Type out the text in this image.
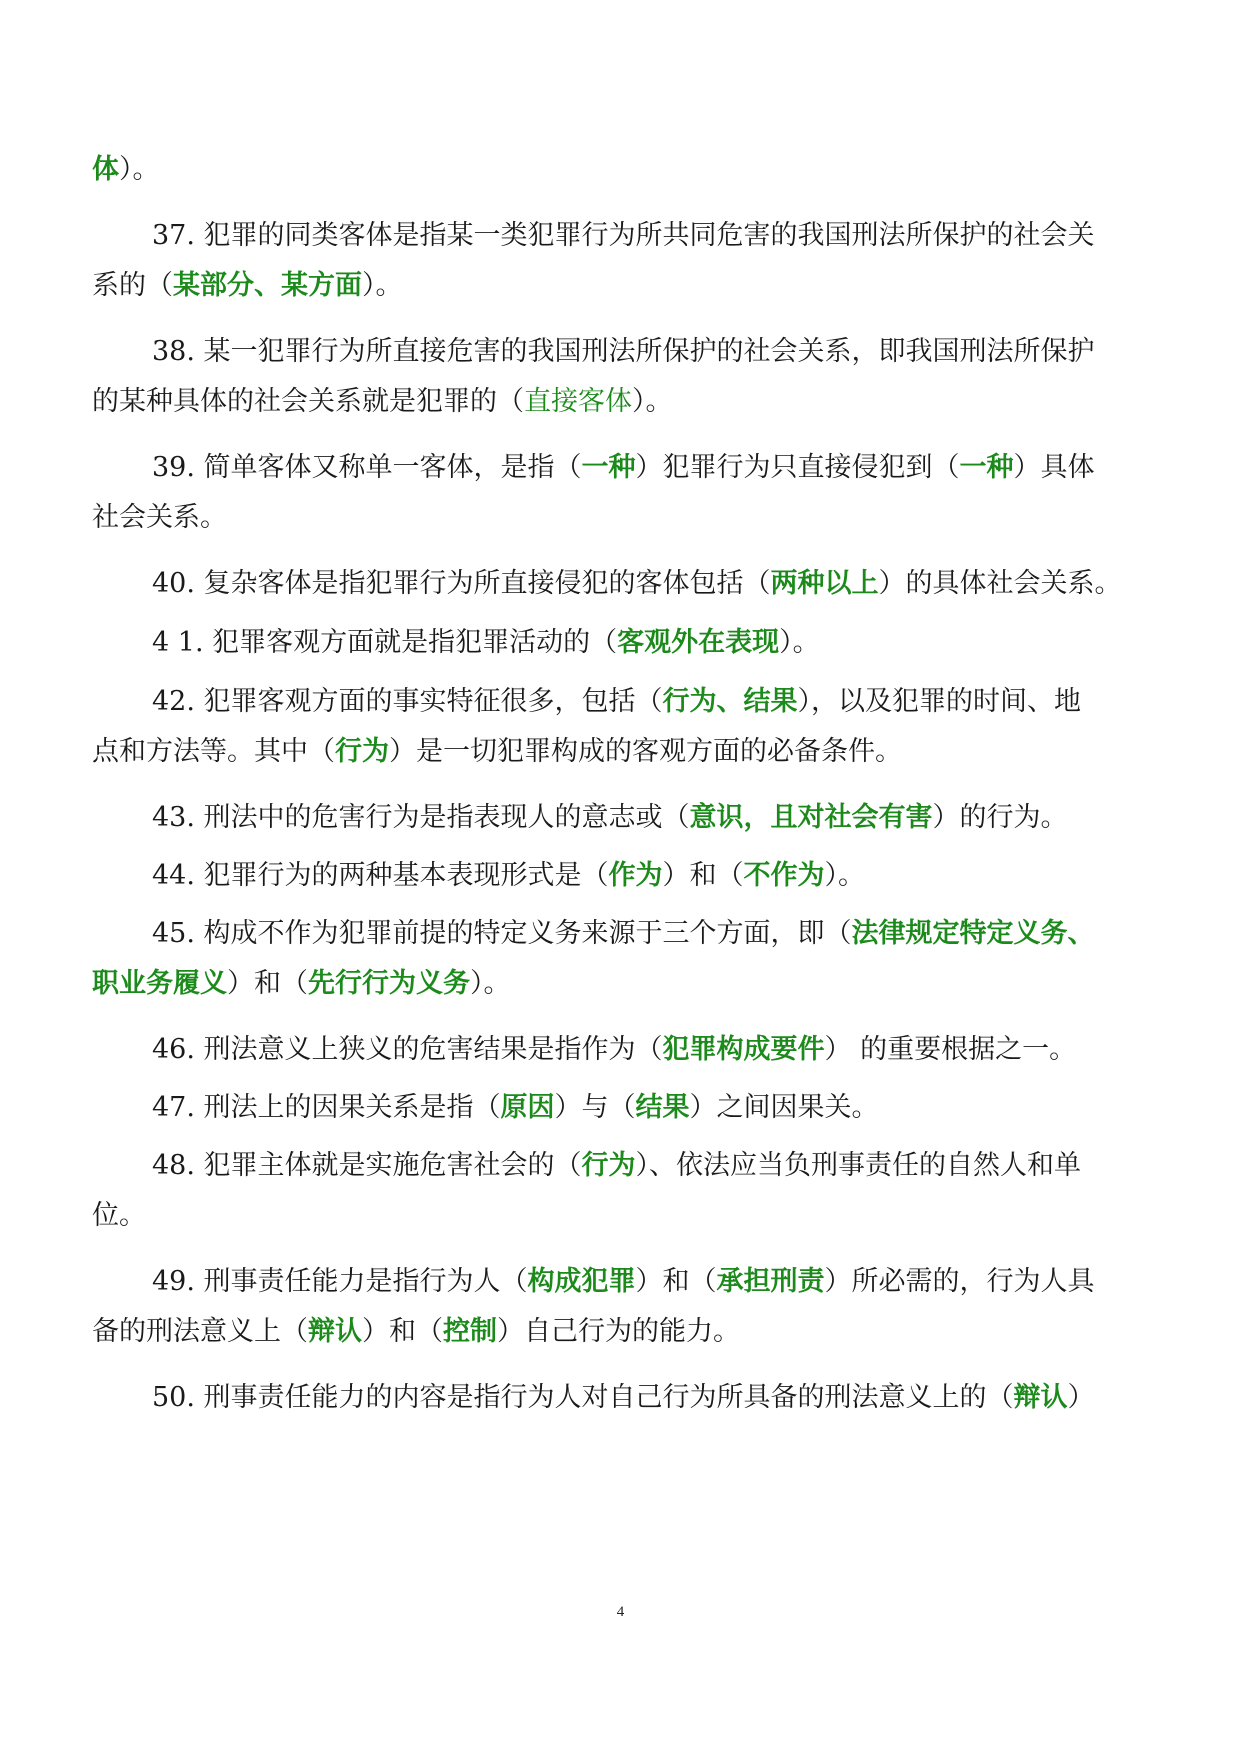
体）。
37. 犯罪的同类客体是指某一类犯罪行为所共同危害的我国刑法所保护的社会关
系的（某部分、某方面）。
38. 某一犯罪行为所直接危害的我国刑法所保护的社会关系，即我国刑法所保护
的某种具体的社会关系就是犯罪的（直接客体）。
39. 简单客体又称单一客体，是指（一种）犯罪行为只直接侵犯到（一种）具体
社会关系。
40. 复杂客体是指犯罪行为所直接侵犯的客体包括（两种以上）的具体社会关系。
4 1. 犯罪客观方面就是指犯罪活动的（客观外在表现）。
42. 犯罪客观方面的事实特征很多，包括（行为、结果），以及犯罪的时间、地
点和方法等。其中（行为）是一切犯罪构成的客观方面的必备条件。
43. 刑法中的危害行为是指表现人的意志或（意识，且对社会有害）的行为。
44. 犯罪行为的两种基本表现形式是（作为）和（不作为）。
45. 构成不作为犯罪前提的特定义务来源于三个方面，即（法律规定特定义务、
职业务履义）和（先行行为义务）。
46. 刑法意义上狭义的危害结果是指作为（犯罪构成要件） 的重要根据之一。
47. 刑法上的因果关系是指（原因）与（结果）之间因果关。
48. 犯罪主体就是实施危害社会的（行为）、依法应当负刑事责任的自然人和单
位。
49. 刑事责任能力是指行为人（构成犯罪）和（承担刑责）所必需的，行为人具
备的刑法意义上（辩认）和（控制）自己行为的能力。
50. 刑事责任能力的内容是指行为人对自己行为所具备的刑法意义上的（辩认）
4
